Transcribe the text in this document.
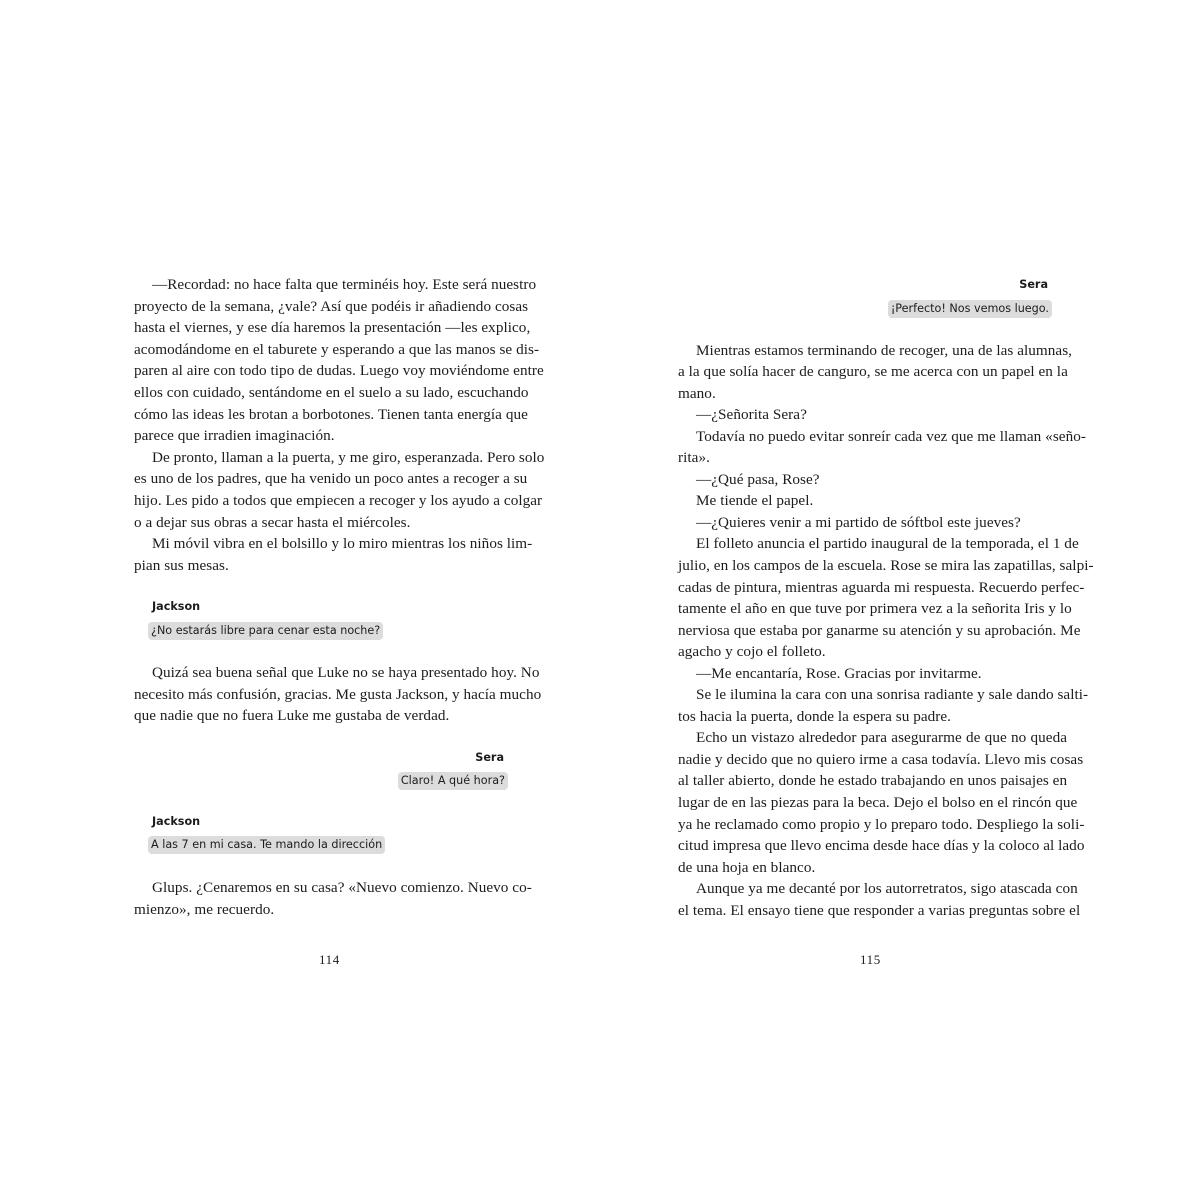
—Recordad: no hace falta que terminéis hoy. Este será nuestro
proyecto de la semana, ¿vale? Así que podéis ir añadiendo cosas
hasta el viernes, y ese día haremos la presentación —les explico,
acomodándome en el taburete y esperando a que las manos se dis-
paren al aire con todo tipo de dudas. Luego voy moviéndome entre
ellos con cuidado, sentándome en el suelo a su lado, escuchando
cómo las ideas les brotan a borbotones. Tienen tanta energía que
parece que irradien imaginación.
De pronto, llaman a la puerta, y me giro, esperanzada. Pero solo
es uno de los padres, que ha venido un poco antes a recoger a su
hijo. Les pido a todos que empiecen a recoger y los ayudo a colgar
o a dejar sus obras a secar hasta el miércoles.
Mi móvil vibra en el bolsillo y lo miro mientras los niños lim-
pian sus mesas.
Jackson
¿No estarás libre para cenar esta noche?
Quizá sea buena señal que Luke no se haya presentado hoy. No
necesito más confusión, gracias. Me gusta Jackson, y hacía mucho
que nadie que no fuera Luke me gustaba de verdad.
Sera
Claro! A qué hora?
Jackson
A las 7 en mi casa. Te mando la dirección
Glups. ¿Cenaremos en su casa? «Nuevo comienzo. Nuevo co-
mienzo», me recuerdo.
114
Sera
¡Perfecto! Nos vemos luego.
Mientras estamos terminando de recoger, una de las alumnas,
a la que solía hacer de canguro, se me acerca con un papel en la
mano.
—¿Señorita Sera?
Todavía no puedo evitar sonreír cada vez que me llaman «seño-
rita».
—¿Qué pasa, Rose?
Me tiende el papel.
—¿Quieres venir a mi partido de sóftbol este jueves?
El folleto anuncia el partido inaugural de la temporada, el 1 de
julio, en los campos de la escuela. Rose se mira las zapatillas, salpi-
cadas de pintura, mientras aguarda mi respuesta. Recuerdo perfec-
tamente el año en que tuve por primera vez a la señorita Iris y lo
nerviosa que estaba por ganarme su atención y su aprobación. Me
agacho y cojo el folleto.
—Me encantaría, Rose. Gracias por invitarme.
Se le ilumina la cara con una sonrisa radiante y sale dando salti-
tos hacia la puerta, donde la espera su padre.
Echo un vistazo alrededor para asegurarme de que no queda
nadie y decido que no quiero irme a casa todavía. Llevo mis cosas
al taller abierto, donde he estado trabajando en unos paisajes en
lugar de en las piezas para la beca. Dejo el bolso en el rincón que
ya he reclamado como propio y lo preparo todo. Despliego la soli-
citud impresa que llevo encima desde hace días y la coloco al lado
de una hoja en blanco.
Aunque ya me decanté por los autorretratos, sigo atascada con
el tema. El ensayo tiene que responder a varias preguntas sobre el
115
